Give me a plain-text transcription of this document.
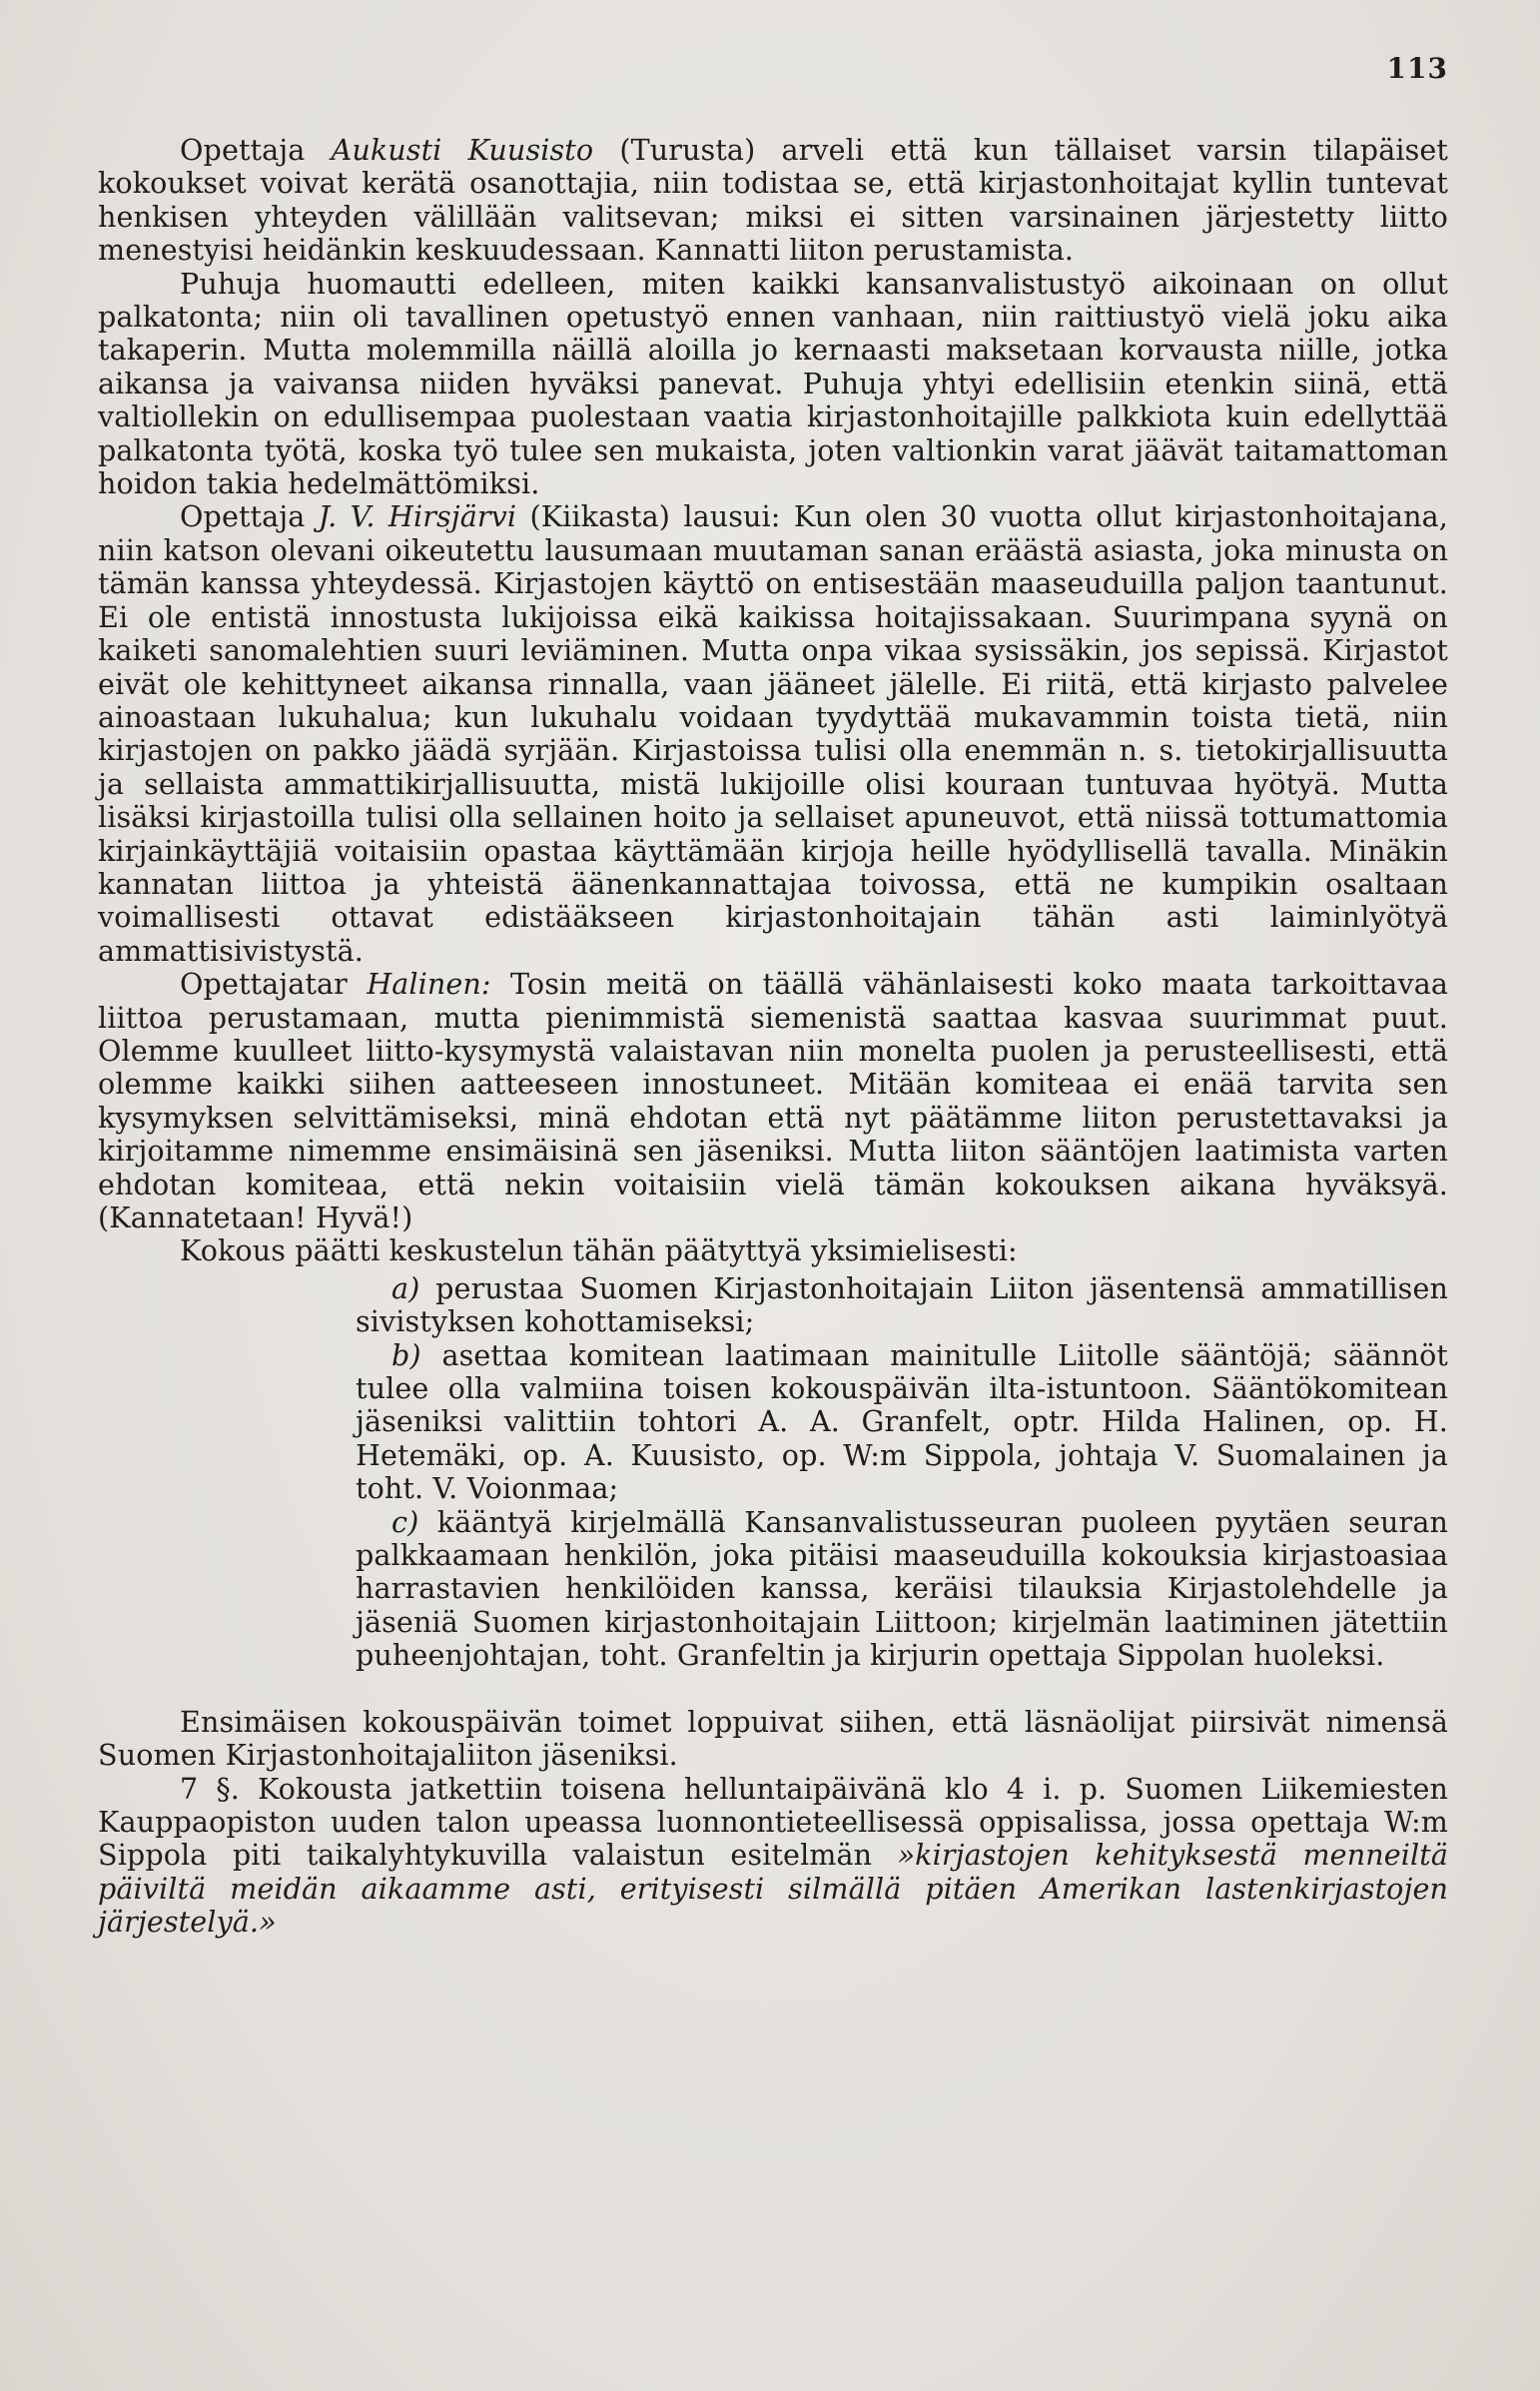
113

Opettaja Aukusti Kuusisto (Turusta) arveli että kun tällaiset varsin tilapäiset kokoukset voivat kerätä osanottajia, niin todistaa se, että kirjastonhoitajat kyllin tuntevat henkisen yhteyden välillään valitsevan; miksi ei sitten varsinainen järjestetty liitto menestyisi heidänkin keskuudessaan. Kannatti liiton perustamista.

Puhuja huomautti edelleen, miten kaikki kansanvalistustyö aikoinaan on ollut palkatonta; niin oli tavallinen opetustyö ennen vanhaan, niin raittiustyö vielä joku aika takaperin. Mutta molemmilla näillä aloilla jo kernaasti maksetaan korvausta niille, jotka aikansa ja vaivansa niiden hyväksi panevat. Puhuja yhtyi edellisiin etenkin siinä, että valtiollekin on edullisempaa puolestaan vaatia kirjastonhoitajille palkkiota kuin edellyttää palkatonta työtä, koska työ tulee sen mukaista, joten valtionkin varat jäävät taitamattoman hoidon takia hedelmättömiksi.

Opettaja J. V. Hirsjärvi (Kiikasta) lausui: Kun olen 30 vuotta ollut kirjastonhoitajana, niin katson olevani oikeutettu lausumaan muutaman sanan eräästä asiasta, joka minusta on tämän kanssa yhteydessä. Kirjastojen käyttö on entisestään maaseuduilla paljon taantunut. Ei ole entistä innostusta lukijoissa eikä kaikissa hoitajissakaan. Suurimpana syynä on kaiketi sanomalehtien suuri leviäminen. Mutta onpa vikaa sysissäkin, jos sepissä. Kirjastot eivät ole kehittyneet aikansa rinnalla, vaan jääneet jälelle. Ei riitä, että kirjasto palvelee ainoastaan lukuhalua; kun lukuhalu voidaan tyydyttää mukavammin toista tietä, niin kirjastojen on pakko jäädä syrjään. Kirjastoissa tulisi olla enemmän n. s. tietokirjallisuutta ja sellaista ammattikirjallisuutta, mistä lukijoille olisi kouraan tuntuvaa hyötyä. Mutta lisäksi kirjastoilla tulisi olla sellainen hoito ja sellaiset apuneuvot, että niissä tottumattomia kirjainkäyttäjiä voitaisiin opastaa käyttämään kirjoja heille hyödyllisellä tavalla. Minäkin kannatan liittoa ja yhteistä äänenkannattajaa toivossa, että ne kumpikin osaltaan voimallisesti ottavat edistääkseen kirjastonhoitajain tähän asti laiminlyötyä ammattisivistystä.

Opettajatar Halinen: Tosin meitä on täällä vähänlaisesti koko maata tarkoittavaa liittoa perustamaan, mutta pienimmistä siemenistä saattaa kasvaa suurimmat puut. Olemme kuulleet liitto-kysymystä valaistavan niin monelta puolen ja perusteellisesti, että olemme kaikki siihen aatteeseen innostuneet. Mitään komiteaa ei enää tarvita sen kysymyksen selvittämiseksi, minä ehdotan että nyt päätämme liiton perustettavaksi ja kirjoitamme nimemme ensimäisinä sen jäseniksi. Mutta liiton sääntöjen laatimista varten ehdotan komiteaa, että nekin voitaisiin vielä tämän kokouksen aikana hyväksyä. (Kannatetaan! Hyvä!)

Kokous päätti keskustelun tähän päätyttyä yksimielisesti:

a) perustaa Suomen Kirjastonhoitajain Liiton jäsentensä ammatillisen sivistyksen kohottamiseksi;

b) asettaa komitean laatimaan mainitulle Liitolle sääntöjä; säännöt tulee olla valmiina toisen kokouspäivän ilta-istuntoon. Sääntökomitean jäseniksi valittiin tohtori A. A. Granfelt, optr. Hilda Halinen, op. H. Hetemäki, op. A. Kuusisto, op. W:m Sippola, johtaja V. Suomalainen ja toht. V. Voionmaa;

c) kääntyä kirjelmällä Kansanvalistusseuran puoleen pyytäen seuran palkkaamaan henkilön, joka pitäisi maaseuduilla kokouksia kirjastoasiaa harrastavien henkilöiden kanssa, keräisi tilauksia Kirjastolehdelle ja jäseniä Suomen kirjastonhoitajain Liittoon; kirjelmän laatiminen jätettiin puheenjohtajan, toht. Granfeltin ja kirjurin opettaja Sippolan huoleksi.

Ensimäisen kokouspäivän toimet loppuivat siihen, että läsnäolijat piirsivät nimensä Suomen Kirjastonhoitajaliiton jäseniksi.

7 §. Kokousta jatkettiin toisena helluntaipäivänä klo 4 i. p. Suomen Liikemiesten Kauppaopiston uuden talon upeassa luonnontieteellisessä oppisalissa, jossa opettaja W:m Sippola piti taikalyhtykuvilla valaistun esitelmän »kirjastojen kehityksestä menneiltä päiviltä meidän aikaamme asti, erityisesti silmällä pitäen Amerikan lastenkirjastojen järjestelyä.»
